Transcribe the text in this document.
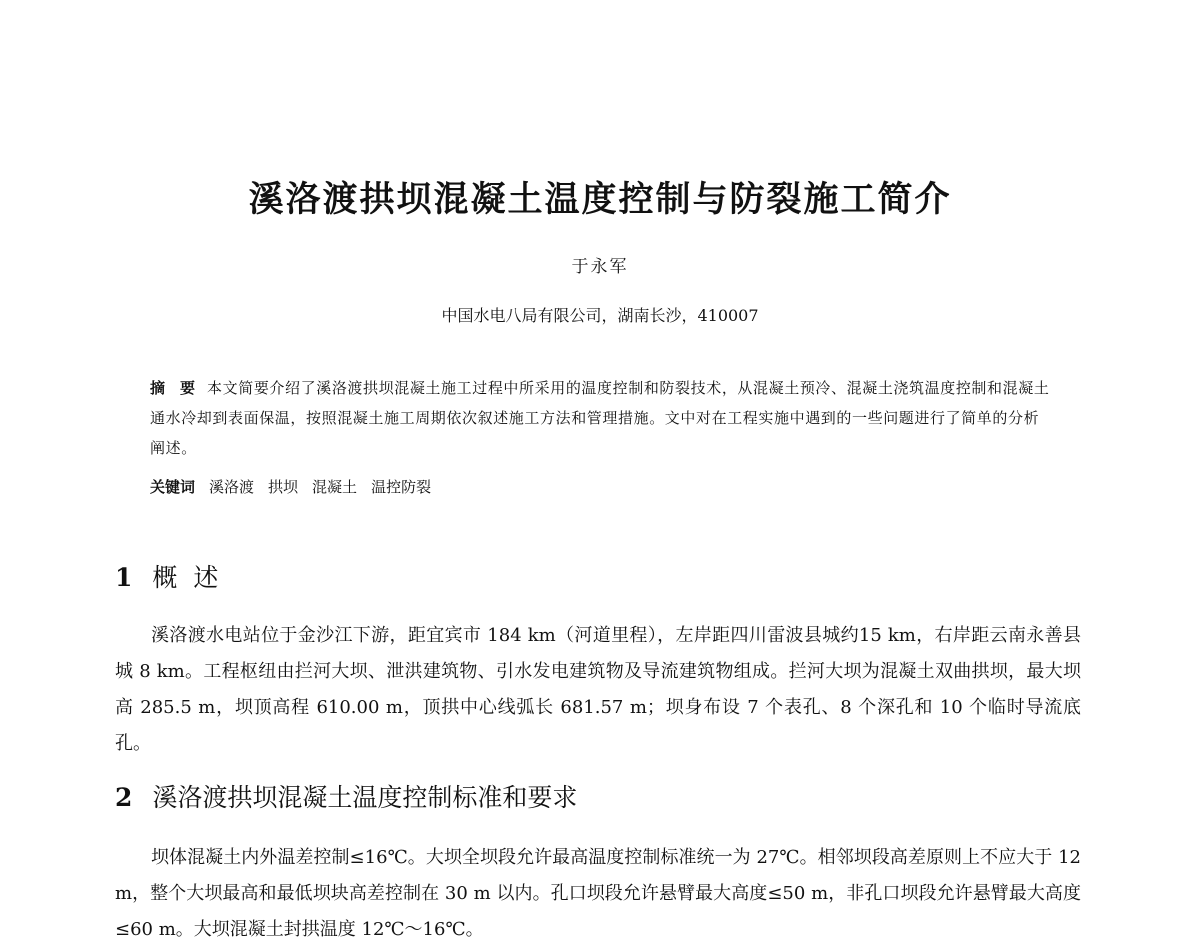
溪洛渡拱坝混凝土温度控制与防裂施工简介
于永军
中国水电八局有限公司，湖南长沙，410007

摘　要 本文简要介绍了溪洛渡拱坝混凝土施工过程中所采用的温度控制和防裂技术，从混凝土预冷、混凝土浇筑温度控制和混凝土通水冷却到表面保温，按照混凝土施工周期依次叙述施工方法和管理措施。文中对在工程实施中遇到的一些问题进行了简单的分析阐述。

关键词 溪洛渡 拱坝 混凝土 温控防裂

1 概述

溪洛渡水电站位于金沙江下游，距宜宾市 184 km（河道里程），左岸距四川雷波县城约15 km，右岸距云南永善县城 8 km。工程枢纽由拦河大坝、泄洪建筑物、引水发电建筑物及导流建筑物组成。拦河大坝为混凝土双曲拱坝，最大坝高 285.5 m，坝顶高程 610.00 m，顶拱中心线弧长 681.57 m；坝身布设 7 个表孔、8 个深孔和 10 个临时导流底孔。

2 溪洛渡拱坝混凝土温度控制标准和要求

坝体混凝土内外温差控制≤16℃。大坝全坝段允许最高温度控制标准统一为 27℃。相邻坝段高差原则上不应大于 12 m，整个大坝最高和最低坝块高差控制在 30 m 以内。孔口坝段允许悬臂最大高度≤50 m，非孔口坝段允许悬臂最大高度≤60 m。大坝混凝土封拱温度 12℃～16℃。
